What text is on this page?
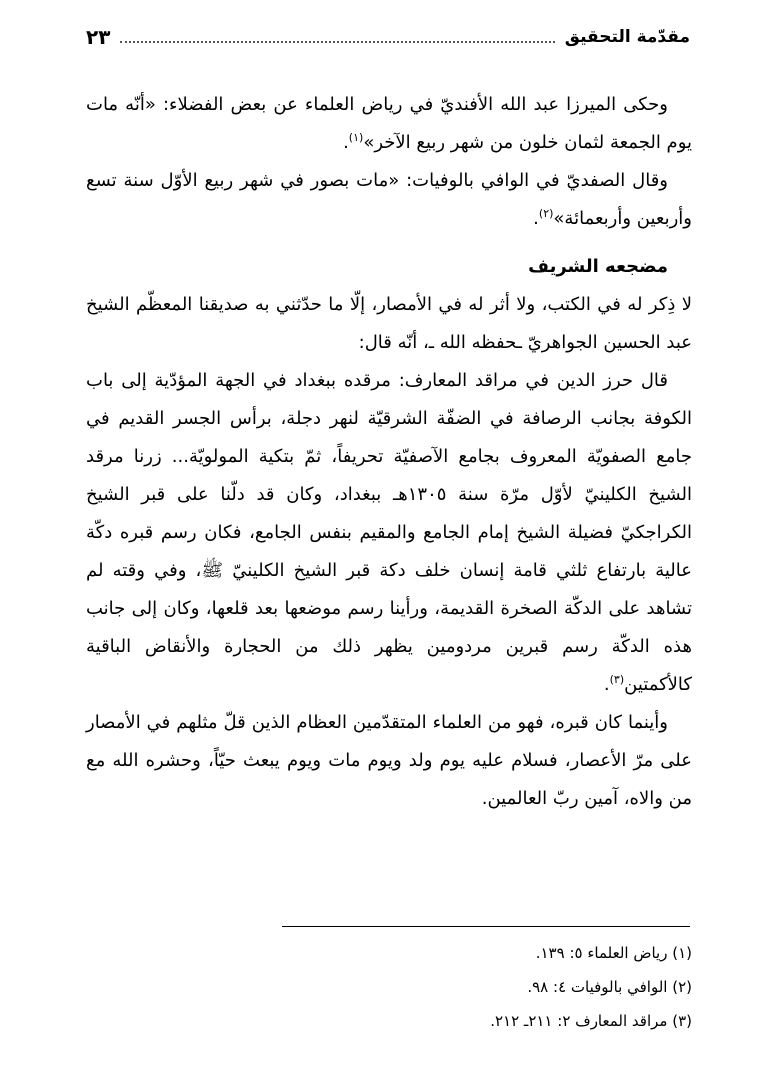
مقدّمة التحقيق
٢٣

وحكى الميرزا عبد الله الأفنديّ في رياض العلماء عن بعض الفضلاء: «أنّه مات يوم الجمعة لثمان خلون من شهر ربيع الآخر»$^{(١)}$.

وقال الصفديّ في الوافي بالوفيات: «مات بصور في شهر ربيع الأوّل سنة تسع وأربعين وأربعمائة»$^{(٢)}$.

مضجعه الشريف

لا ذِكر له في الكتب، ولا أثر له في الأمصار، إلّا ما حدّثني به صديقنا المعظّم الشيخ عبد الحسين الجواهريّ ـحفظه الله ـ، أنّه قال:

قال حرز الدين في مراقد المعارف: مرقده ببغداد في الجهة المؤدّية إلى باب الكوفة بجانب الرصافة في الضفّة الشرقيّة لنهر دجلة، برأس الجسر القديم في جامع الصفويّة المعروف بجامع الآصفيّة تحريفاً، ثمّ بتكية المولويّة... زرنا مرقد الشيخ الكلينيّ لأوّل مرّة سنة ١٣٠٥هـ ببغداد، وكان قد دلّنا على قبر الشيخ الكراجكيّ فضيلة الشيخ إمام الجامع والمقيم بنفس الجامع، فكان رسم قبره دكّة عالية بارتفاع ثلثي قامة إنسان خلف دكة قبر الشيخ الكلينيّ ﷺ، وفي وقته لم تشاهد على الدكّة الصخرة القديمة، ورأينا رسم موضعها بعد قلعها، وكان إلى جانب هذه الدكّة رسم قبرين مردومين يظهر ذلك من الحجارة والأنقاض الباقية كالأكمتين$^{(٣)}$.

وأينما كان قبره، فهو من العلماء المتقدّمين العظام الذين قلّ مثلهم في الأمصار على مرّ الأعصار، فسلام عليه يوم ولد ويوم مات ويوم يبعث حيّاً، وحشره الله مع من والاه، آمين ربّ العالمين.

(١) رياض العلماء ٥: ١٣٩.

(٢) الوافي بالوفيات ٤: ٩٨.

(٣) مراقد المعارف ٢: ٢١١ـ ٢١٢.
